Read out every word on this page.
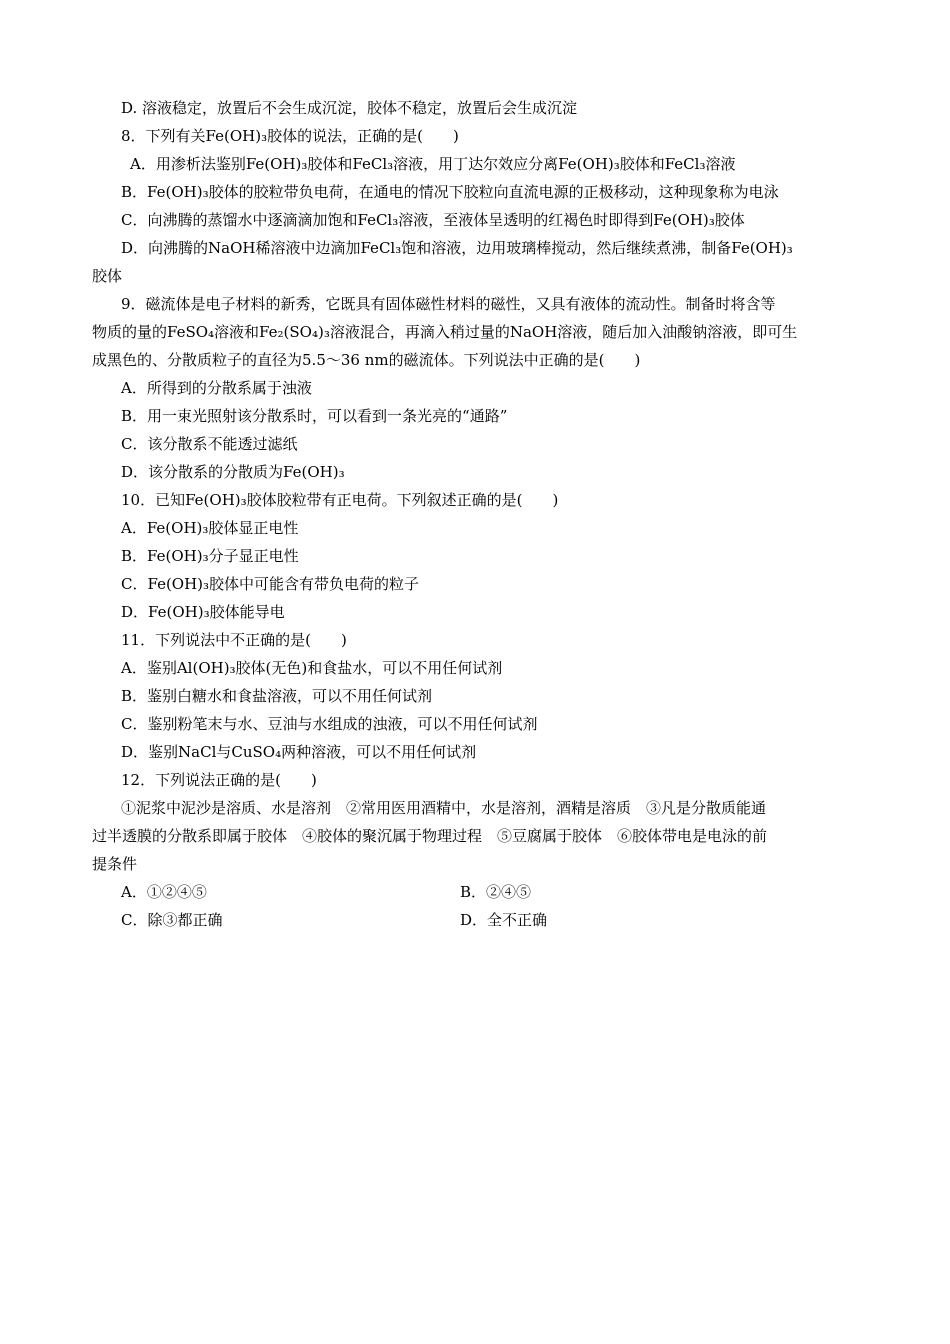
D. 溶液稳定，放置后不会生成沉淀，胶体不稳定，放置后会生成沉淀
8．下列有关Fe(OH)₃胶体的说法，正确的是(　　)
A．用渗析法鉴别Fe(OH)₃胶体和FeCl₃溶液，用丁达尔效应分离Fe(OH)₃胶体和FeCl₃溶液
B．Fe(OH)₃胶体的胶粒带负电荷，在通电的情况下胶粒向直流电源的正极移动，这种现象称为电泳
C．向沸腾的蒸馏水中逐滴滴加饱和FeCl₃溶液，至液体呈透明的红褐色时即得到Fe(OH)₃胶体
D．向沸腾的NaOH稀溶液中边滴加FeCl₃饱和溶液，边用玻璃棒搅动，然后继续煮沸，制备Fe(OH)₃
胶体
9．磁流体是电子材料的新秀，它既具有固体磁性材料的磁性，又具有液体的流动性。制备时将含等
物质的量的FeSO₄溶液和Fe₂(SO₄)₃溶液混合，再滴入稍过量的NaOH溶液，随后加入油酸钠溶液，即可生
成黑色的、分散质粒子的直径为5.5～36 nm的磁流体。下列说法中正确的是(　　)
A．所得到的分散系属于浊液
B．用一束光照射该分散系时，可以看到一条光亮的“通路”
C．该分散系不能透过滤纸
D．该分散系的分散质为Fe(OH)₃
10．已知Fe(OH)₃胶体胶粒带有正电荷。下列叙述正确的是(　　)
A．Fe(OH)₃胶体显正电性
B．Fe(OH)₃分子显正电性
C．Fe(OH)₃胶体中可能含有带负电荷的粒子
D．Fe(OH)₃胶体能导电
11．下列说法中不正确的是(　　)
A．鉴别Al(OH)₃胶体(无色)和食盐水，可以不用任何试剂
B．鉴别白糖水和食盐溶液，可以不用任何试剂
C．鉴别粉笔末与水、豆油与水组成的浊液，可以不用任何试剂
D．鉴别NaCl与CuSO₄两种溶液，可以不用任何试剂
12．下列说法正确的是(　　)
①泥浆中泥沙是溶质、水是溶剂　②常用医用酒精中，水是溶剂，酒精是溶质　③凡是分散质能通
过半透膜的分散系即属于胶体　④胶体的聚沉属于物理过程　⑤豆腐属于胶体　⑥胶体带电是电泳的前
提条件
A．①②④⑤	B．②④⑤
C．除③都正确	D．全不正确
